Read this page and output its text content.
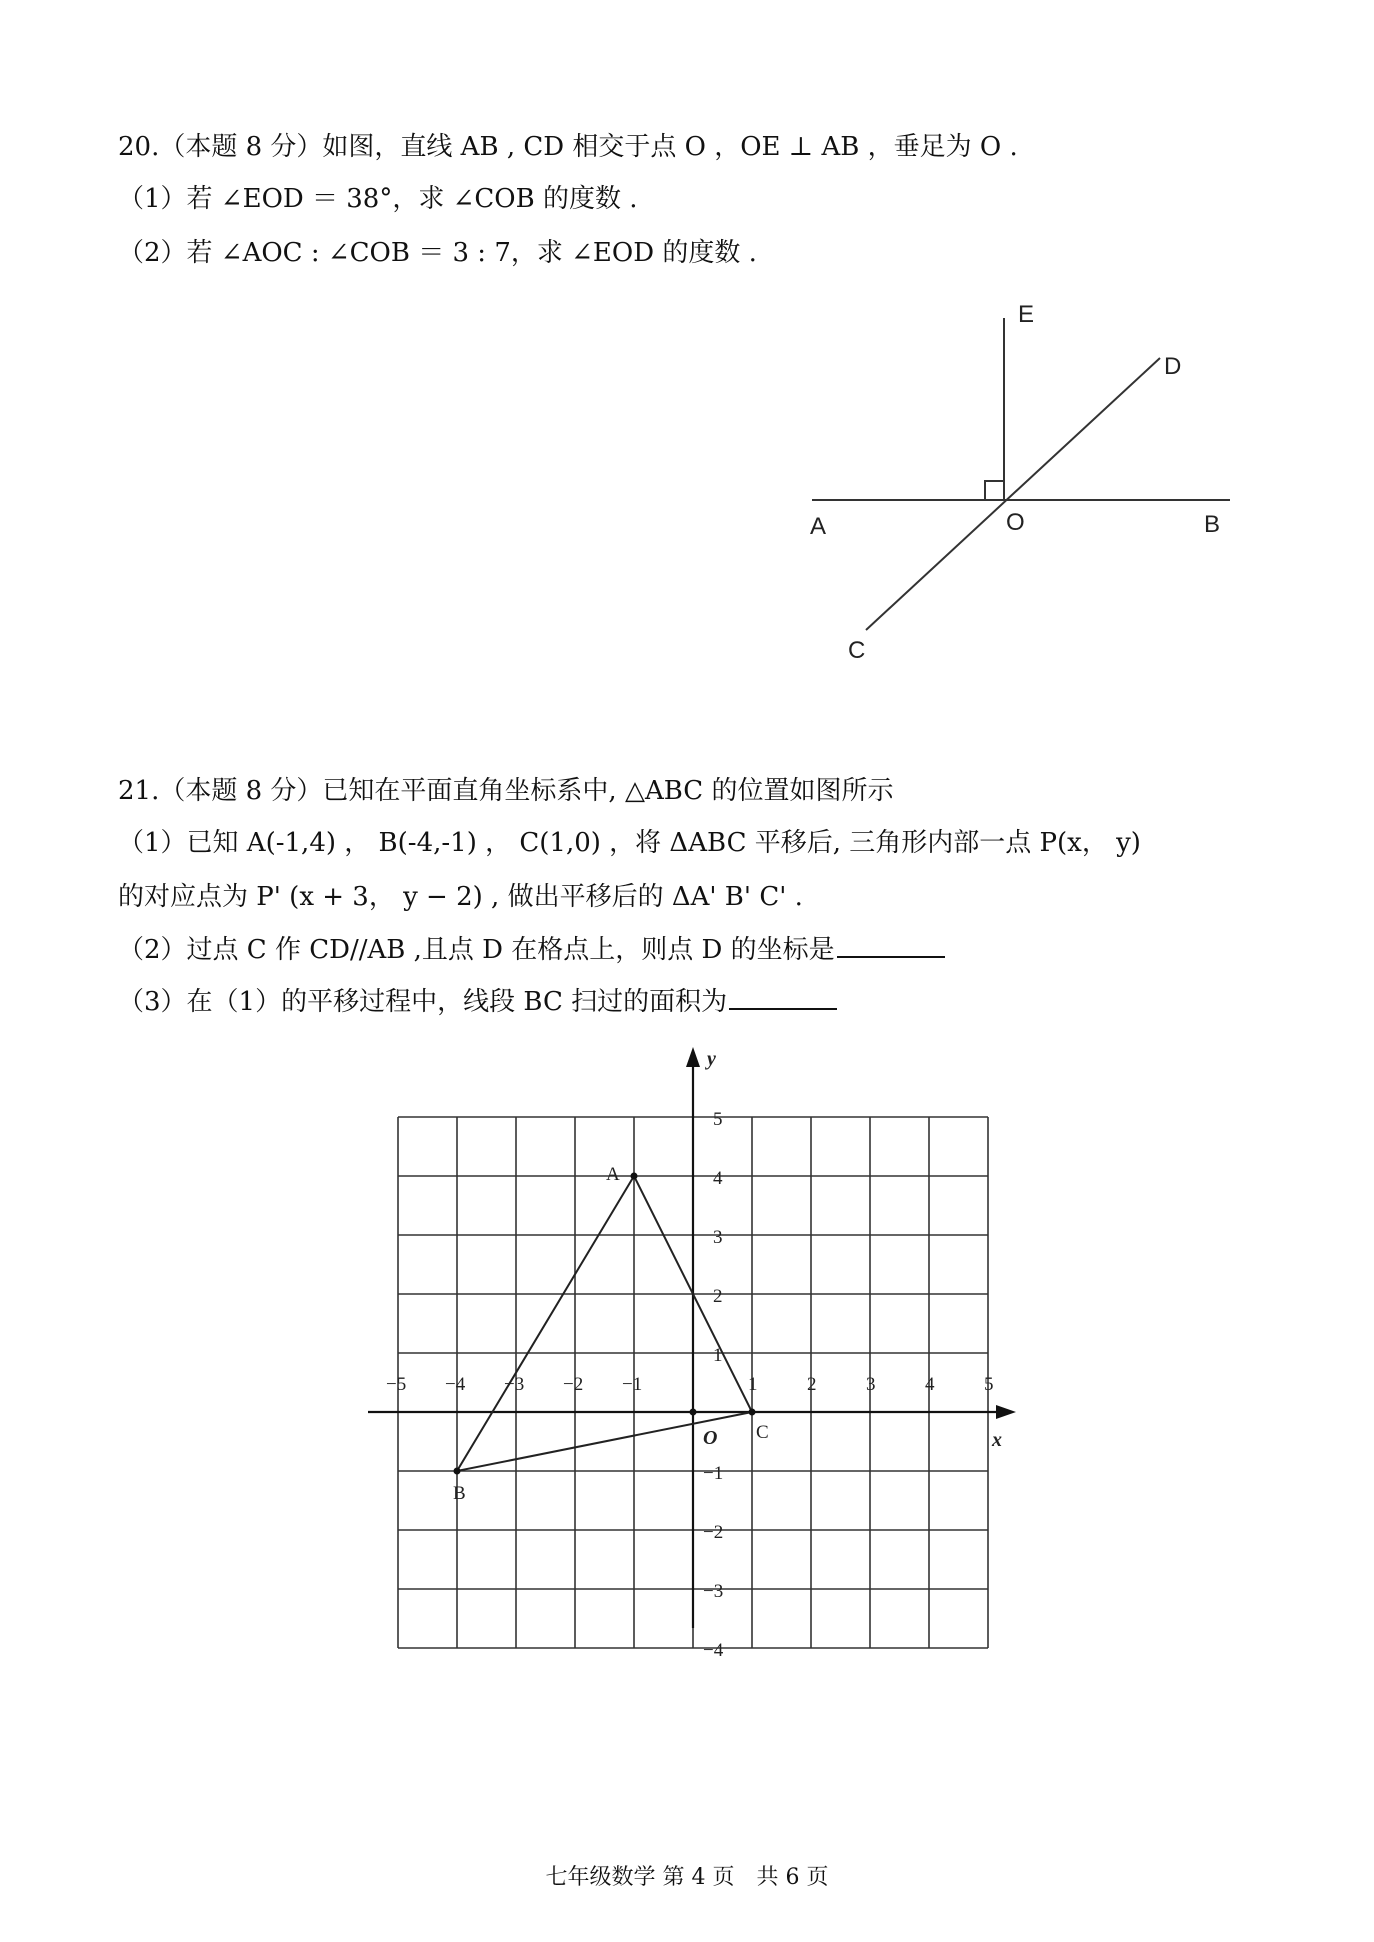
20.（本题 8 分）如图，直线 AB , CD 相交于点 O ，OE ⊥ AB ，垂足为 O .
（1）若 ∠EOD ＝ 38°，求 ∠COB 的度数 .
（2）若 ∠AOC : ∠COB ＝ 3 : 7，求 ∠EOD 的度数 .
E
D
A	O	B
C
21.（本题 8 分）已知在平面直角坐标系中, △ABC 的位置如图所示
（1）已知 A(-1,4) ， B(-4,-1) ， C(1,0) ，将 ΔABC 平移后, 三角形内部一点 P(x， y)
的对应点为 P' (x + 3， y − 2) , 做出平移后的 ΔA' B' C' .
（2）过点 C 作 CD//AB ,且点 D 在格点上，则点 D 的坐标是
（3）在（1）的平移过程中，线段 BC 扫过的面积为
x
y
O
−5 −4 −3 −2 −1	1	2	3	4	5
5
4
3
2
1
−1
−2
−3
−4
A
B
C
七年级数学 第 4 页　共 6 页
